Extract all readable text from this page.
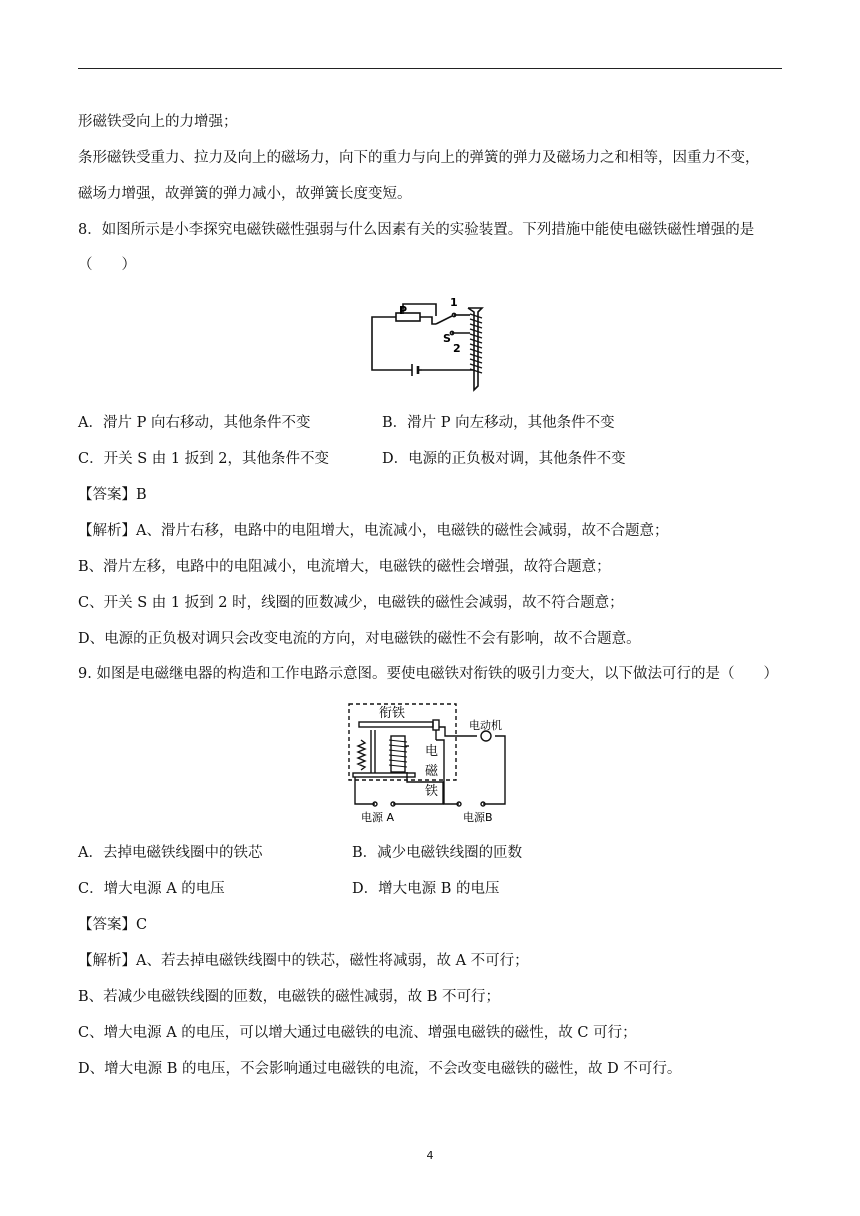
形磁铁受向上的力增强；
条形磁铁受重力、拉力及向上的磁场力，向下的重力与向上的弹簧的弹力及磁场力之和相等，因重力不变，
磁场力增强，故弹簧的弹力减小，故弹簧长度变短。
8．如图所示是小李探究电磁铁磁性强弱与什么因素有关的实验装置。下列措施中能使电磁铁磁性增强的是
（　　）
P
1
S
2
A．滑片 P 向右移动，其他条件不变	B．滑片 P 向左移动，其他条件不变
C．开关 S 由 1 扳到 2，其他条件不变	D．电源的正负极对调，其他条件不变
【答案】B
【解析】A、滑片右移，电路中的电阻增大，电流减小，电磁铁的磁性会减弱，故不合题意；
B、滑片左移，电路中的电阻减小，电流增大，电磁铁的磁性会增强，故符合题意；
C、开关 S 由 1 扳到 2 时，线圈的匝数减少，电磁铁的磁性会减弱，故不符合题意；
D、电源的正负极对调只会改变电流的方向，对电磁铁的磁性不会有影响，故不合题意。
9. 如图是电磁继电器的构造和工作电路示意图。要使电磁铁对衔铁的吸引力变大，以下做法可行的是（　　）
衔铁
电动机
电
磁
铁
电源 A	电源B
A．去掉电磁铁线圈中的铁芯	B．减少电磁铁线圈的匝数
C．增大电源 A 的电压	D．增大电源 B 的电压
【答案】C
【解析】A、若去掉电磁铁线圈中的铁芯，磁性将减弱，故 A 不可行；
B、若减少电磁铁线圈的匝数，电磁铁的磁性减弱，故 B 不可行；
C、增大电源 A 的电压，可以增大通过电磁铁的电流、增强电磁铁的磁性，故 C 可行；
D、增大电源 B 的电压，不会影响通过电磁铁的电流，不会改变电磁铁的磁性，故 D 不可行。
4
